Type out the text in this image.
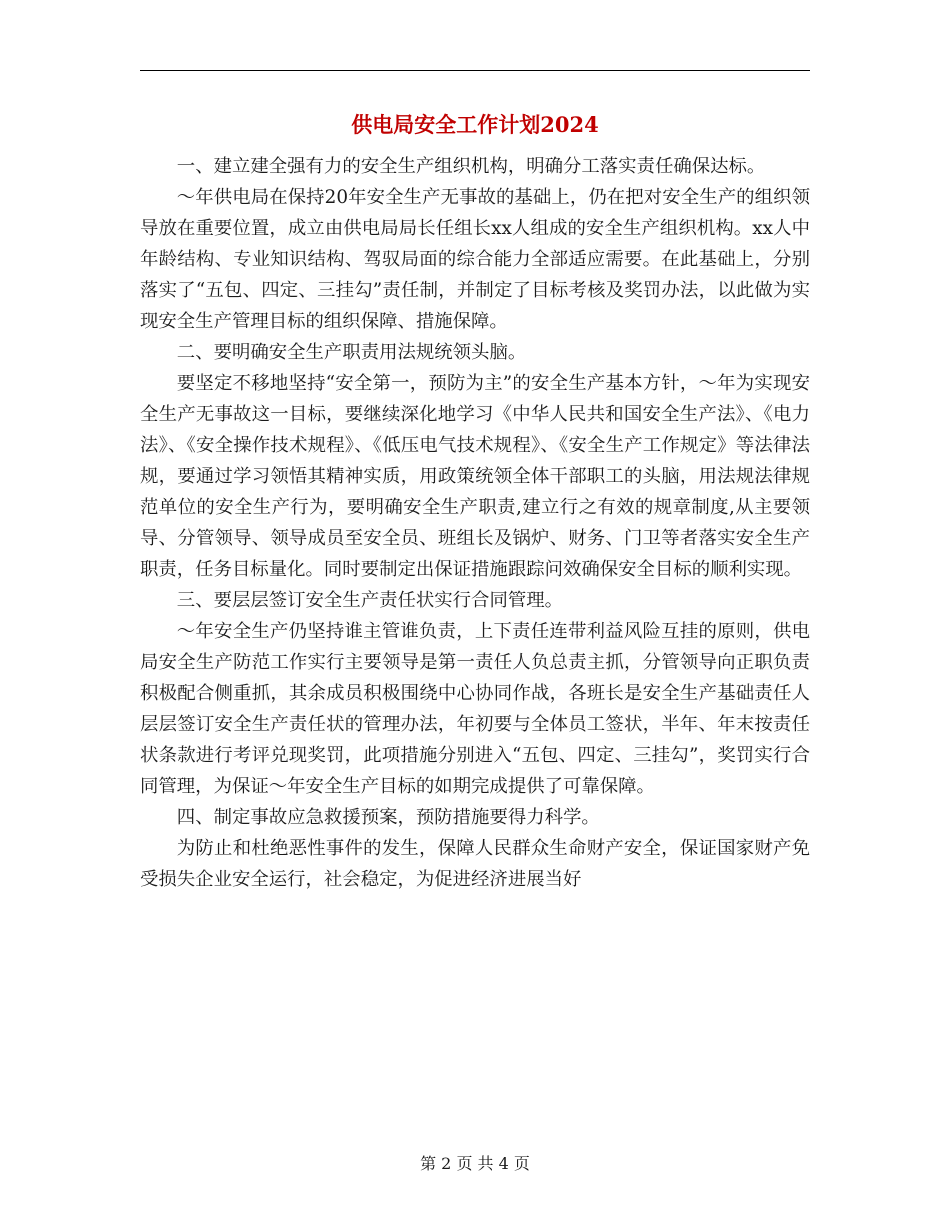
供电局安全工作计划2024

一、建立建全强有力的安全生产组织机构，明确分工落实责任确保达标。

～年供电局在保持20年安全生产无事故的基础上，仍在把对安全生产的组织领导放在重要位置，成立由供电局局长任组长xx人组成的安全生产组织机构。xx人中年龄结构、专业知识结构、驾驭局面的综合能力全部适应需要。在此基础上，分别落实了“五包、四定、三挂勾”责任制，并制定了目标考核及奖罚办法，以此做为实现安全生产管理目标的组织保障、措施保障。

二、要明确安全生产职责用法规统领头脑。

要坚定不移地坚持“安全第一，预防为主”的安全生产基本方针，～年为实现安全生产无事故这一目标，要继续深化地学习《中华人民共和国安全生产法》、《电力法》、《安全操作技术规程》、《低压电气技术规程》、《安全生产工作规定》等法律法规，要通过学习领悟其精神实质，用政策统领全体干部职工的头脑，用法规法律规范单位的安全生产行为，要明确安全生产职责,建立行之有效的规章制度,从主要领导、分管领导、领导成员至安全员、班组长及锅炉、财务、门卫等者落实安全生产职责，任务目标量化。同时要制定出保证措施跟踪问效确保安全目标的顺利实现。

三、要层层签订安全生产责任状实行合同管理。

～年安全生产仍坚持谁主管谁负责，上下责任连带利益风险互挂的原则，供电局安全生产防范工作实行主要领导是第一责任人负总责主抓，分管领导向正职负责积极配合侧重抓，其余成员积极围绕中心协同作战，各班长是安全生产基础责任人层层签订安全生产责任状的管理办法，年初要与全体员工签状，半年、年末按责任状条款进行考评兑现奖罚，此项措施分别进入“五包、四定、三挂勾”，奖罚实行合同管理，为保证～年安全生产目标的如期完成提供了可靠保障。

四、制定事故应急救援预案，预防措施要得力科学。

为防止和杜绝恶性事件的发生，保障人民群众生命财产安全，保证国家财产免受损失企业安全运行，社会稳定，为促进经济进展当好

第 2 页 共 4 页
